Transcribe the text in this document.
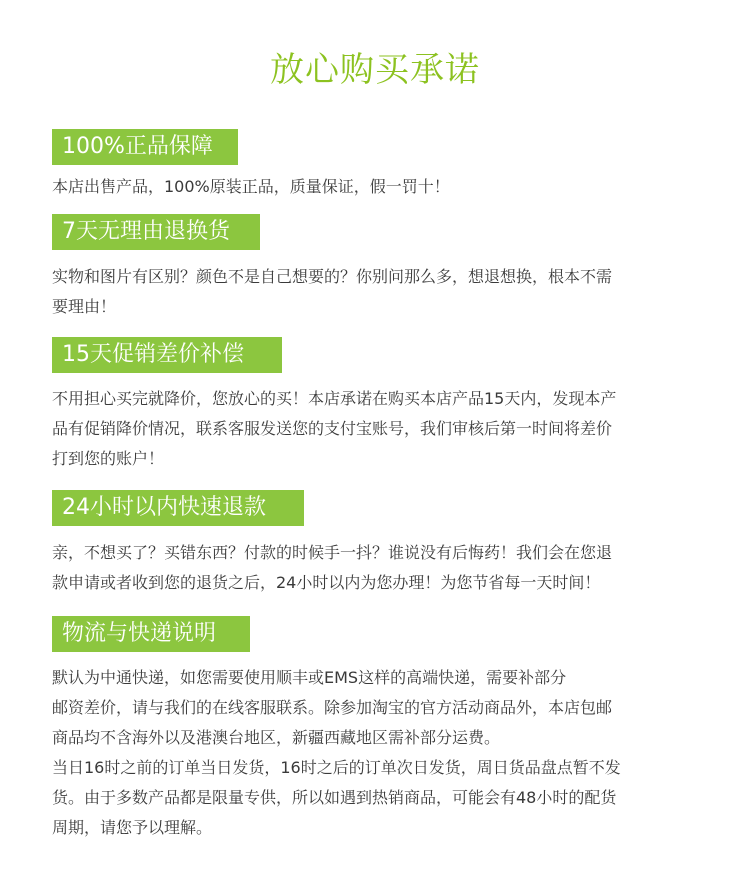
放心购买承诺
100%正品保障
本店出售产品，100%原装正品，质量保证，假一罚十！
7天无理由退换货
实物和图片有区别？颜色不是自己想要的？你别问那么多，想退想换，根本不需
要理由！
15天促销差价补偿
不用担心买完就降价，您放心的买！本店承诺在购买本店产品15天内，发现本产
品有促销降价情况，联系客服发送您的支付宝账号，我们审核后第一时间将差价
打到您的账户！
24小时以内快速退款
亲，不想买了？买错东西？付款的时候手一抖？谁说没有后悔药！我们会在您退
款申请或者收到您的退货之后，24小时以内为您办理！为您节省每一天时间！
物流与快递说明
默认为中通快递，如您需要使用顺丰或EMS这样的高端快递，需要补部分
邮资差价，请与我们的在线客服联系。除参加淘宝的官方活动商品外，本店包邮
商品均不含海外以及港澳台地区，新疆西藏地区需补部分运费。
当日16时之前的订单当日发货，16时之后的订单次日发货，周日货品盘点暂不发
货。由于多数产品都是限量专供，所以如遇到热销商品，可能会有48小时的配货
周期，请您予以理解。
